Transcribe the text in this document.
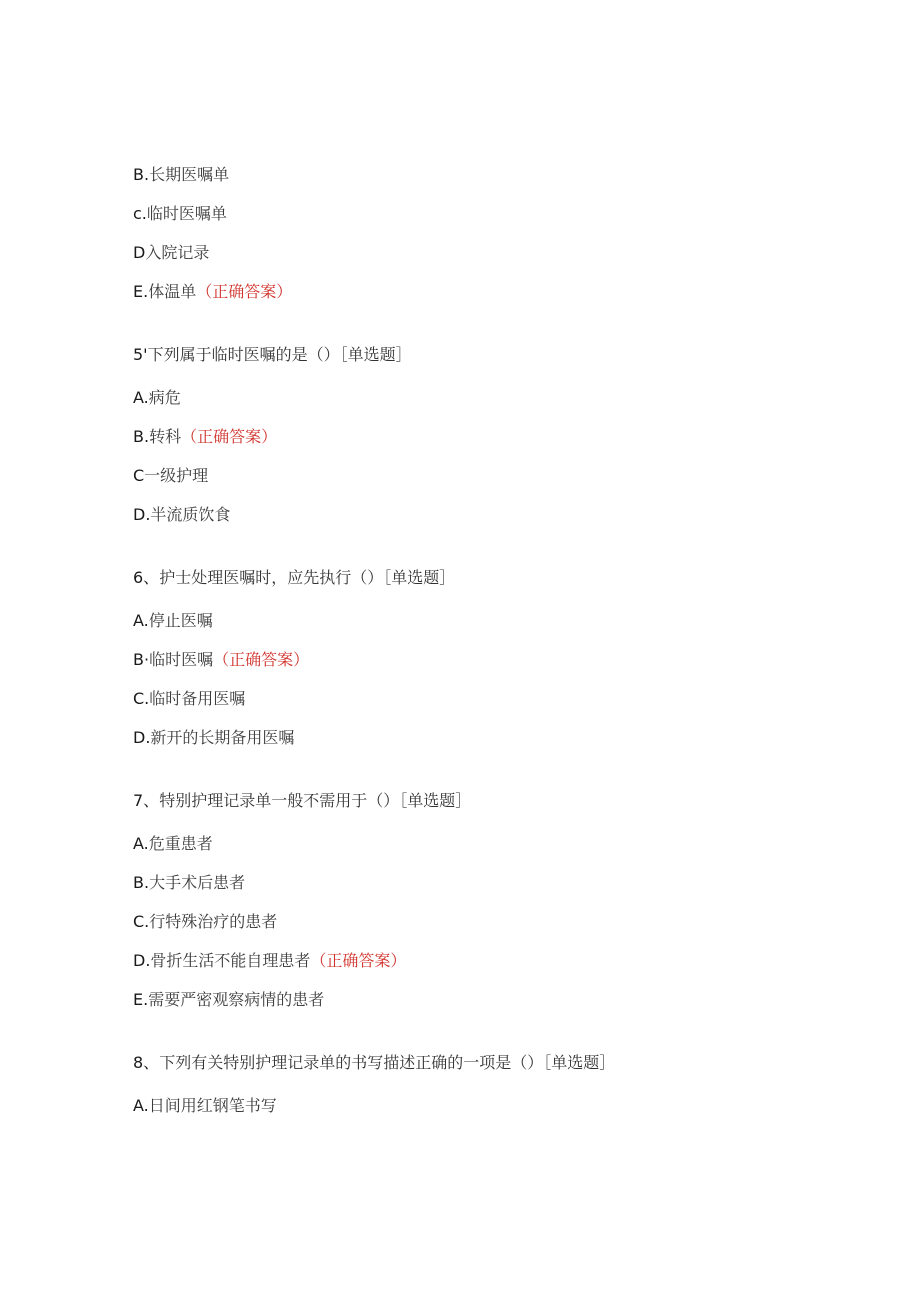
B.长期医嘱单
c.临时医嘱单
D入院记录
E.体温单（正确答案）
5'下列属于临时医嘱的是（）［单选题］
A.病危
B.转科（正确答案）
C一级护理
D.半流质饮食
6、护士处理医嘱时，应先执行（）［单选题］
A.停止医嘱
B·临时医嘱（正确答案）
C.临时备用医嘱
D.新开的长期备用医嘱
7、特别护理记录单一般不需用于（）［单选题］
A.危重患者
B.大手术后患者
C.行特殊治疗的患者
D.骨折生活不能自理患者（正确答案）
E.需要严密观察病情的患者
8、下列有关特别护理记录单的书写描述正确的一项是（）［单选题］
A.日间用红钢笔书写
